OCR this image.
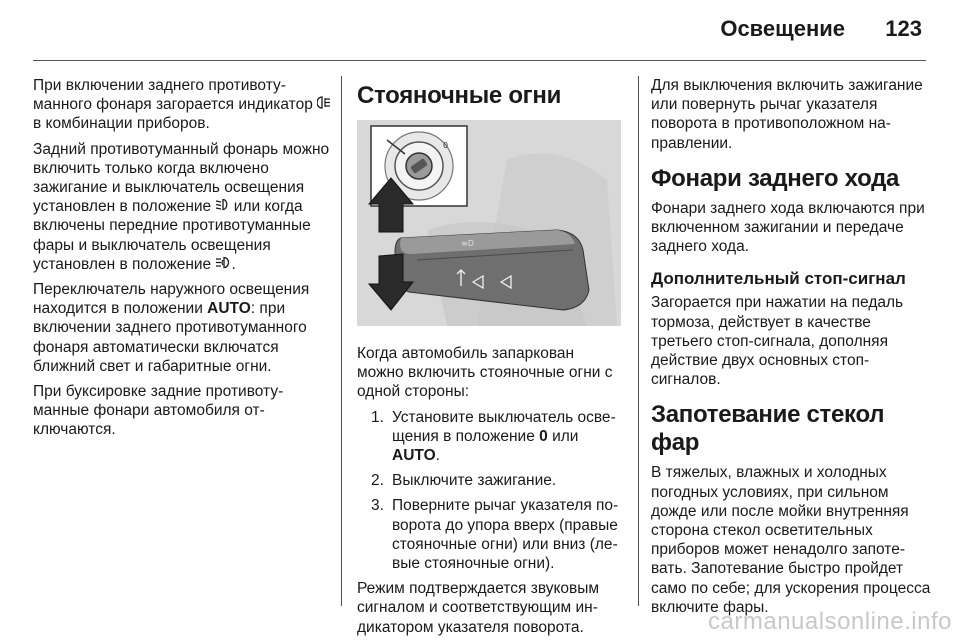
Освещение 123

При включении заднего противотуманного фонаря загорается индикатор  в комбинации приборов.

Задний противотуманный фонарь можно включить только когда включено зажигание и выключатель освещения установлен в положение  или когда включены передние противотуманные фары и выключатель освещения установлен в положение .

Переключатель наружного освещения находится в положении AUTO: при включении заднего противотуманного фонаря автоматически включатся ближний свет и габаритные огни.

При буксировке задние противотуманные фонари автомобиля отключаются.

Стояночные огни
0
≡D

Когда автомобиль запаркован можно включить стояночные огни с одной стороны:

1. Установите выключатель освещения в положение 0 или
AUTO.
2. Выключите зажигание.
3. Поверните рычаг указателя поворота до упора вверх (правые стояночные огни) или вниз (левые стояночные огни).

Режим подтверждается звуковым сигналом и соответствующим индикатором указателя поворота.

Для выключения включить зажигание или повернуть рычаг указателя поворота в противоположном направлении.

Фонари заднего хода

Фонари заднего хода включаются при включенном зажигании и передаче заднего хода.

Дополнительный стоп-сигнал

Загорается при нажатии на педаль тормоза, действует в качестве третьего стоп-сигнала, дополняя действие двух основных стоп-сигналов.

Запотевание стекол фар

В тяжелых, влажных и холодных погодных условиях, при сильном дожде или после мойки внутренняя сторона стекол осветительных приборов может ненадолго запотевать. Запотевание быстро пройдет само по себе; для ускорения процесса включите фары.

carmanualsonline.info
